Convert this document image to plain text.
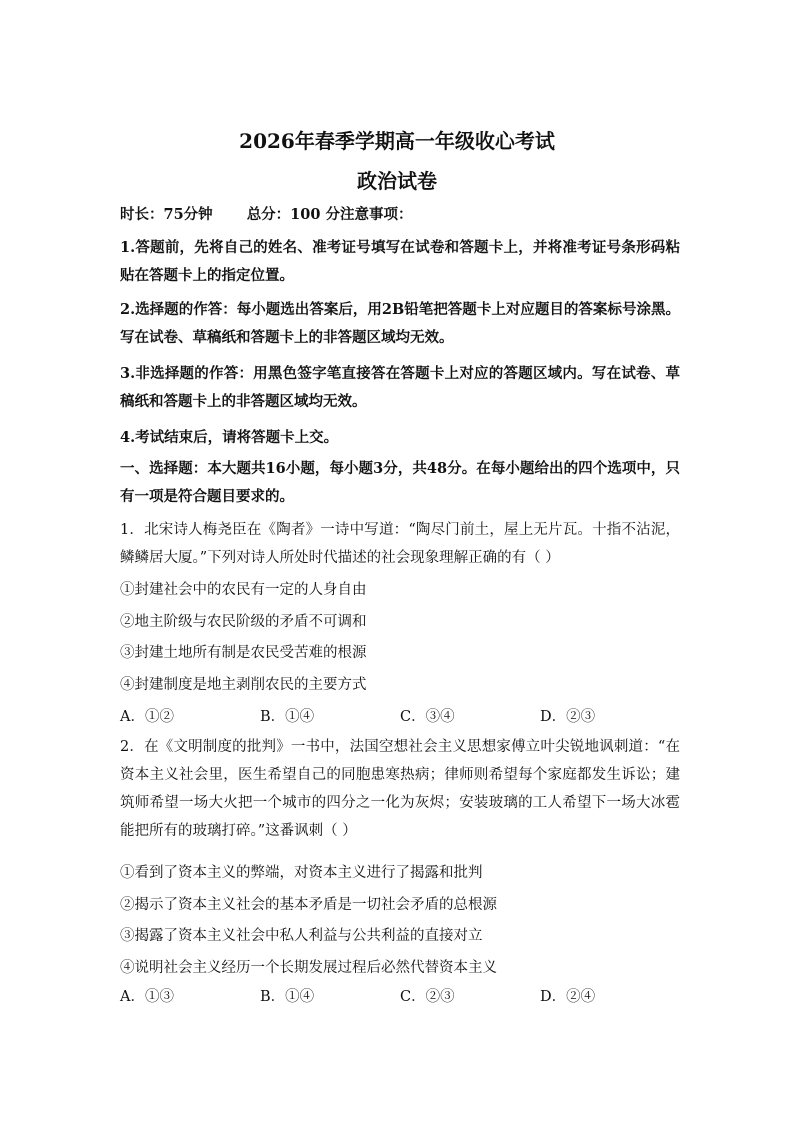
2026年春季学期高一年级收心考试
政治试卷
时长：75分钟 总分：100 分注意事项：
1.答题前，先将自己的姓名、准考证号填写在试卷和答题卡上，并将准考证号条形码粘贴在答题卡上的指定位置。
2.选择题的作答：每小题选出答案后，用2B铅笔把答题卡上对应题目的答案标号涂黑。写在试卷、草稿纸和答题卡上的非答题区域均无效。
3.非选择题的作答：用黑色签字笔直接答在答题卡上对应的答题区域内。写在试卷、草稿纸和答题卡上的非答题区域均无效。
4.考试结束后，请将答题卡上交。
一、选择题：本大题共16小题，每小题3分，共48分。在每小题给出的四个选项中，只有一项是符合题目要求的。
1．北宋诗人梅尧臣在《陶者》一诗中写道：“陶尽门前土，屋上无片瓦。十指不沾泥，鳞鳞居大厦。”下列对诗人所处时代描述的社会现象理解正确的有（ ）
①封建社会中的农民有一定的人身自由
②地主阶级与农民阶级的矛盾不可调和
③封建土地所有制是农民受苦难的根源
④封建制度是地主剥削农民的主要方式
A．①②	B．①④	C．③④	D．②③
2．在《文明制度的批判》一书中，法国空想社会主义思想家傅立叶尖锐地讽刺道：“在资本主义社会里，医生希望自己的同胞患寒热病；律师则希望每个家庭都发生诉讼；建筑师希望一场大火把一个城市的四分之一化为灰烬；安装玻璃的工人希望下一场大冰雹能把所有的玻璃打碎。”这番讽刺（ ）
①看到了资本主义的弊端，对资本主义进行了揭露和批判
②揭示了资本主义社会的基本矛盾是一切社会矛盾的总根源
③揭露了资本主义社会中私人利益与公共利益的直接对立
④说明社会主义经历一个长期发展过程后必然代替资本主义
A．①③	B．①④	C．②③	D．②④
